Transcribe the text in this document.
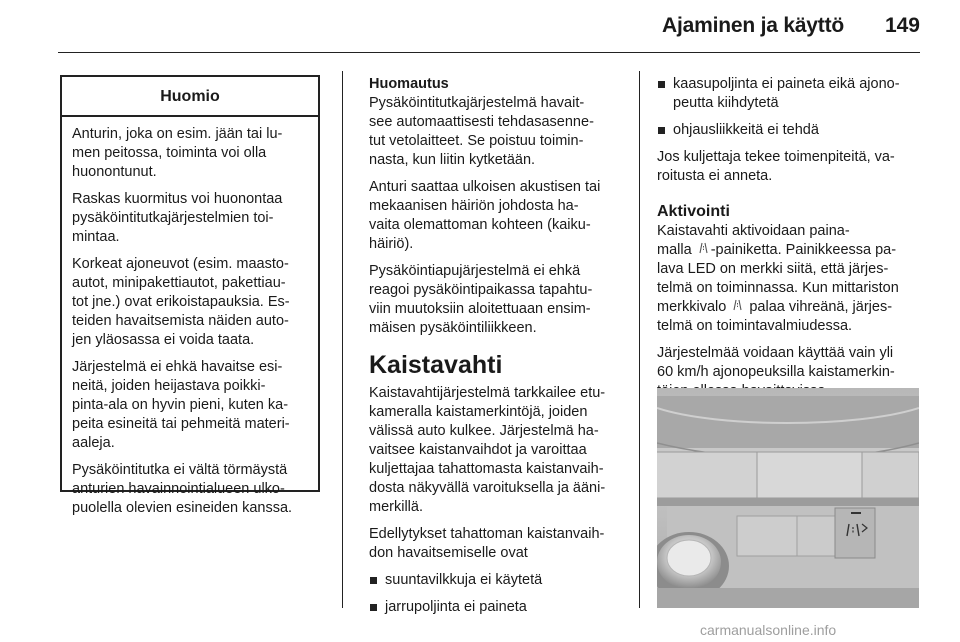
Ajaminen ja käyttö 149
Huomio

Anturin, joka on esim. jään tai lu-
men peitossa, toiminta voi olla
huonontunut.

Raskas kuormitus voi huonontaa
pysäköintitutkajärjestelmien toi-
mintaa.

Korkeat ajoneuvot (esim. maasto-
autot, minipakettiautot, pakettiau-
tot jne.) ovat erikoistapauksia. Es-
teiden havaitsemista näiden auto-
jen yläosassa ei voida taata.

Järjestelmä ei ehkä havaitse esi-
neitä, joiden heijastava poikki-
pinta-ala on hyvin pieni, kuten ka-
peita esineitä tai pehmeitä materi-
aaleja.

Pysäköintitutka ei vältä törmäystä
anturien havainnointialueen ulko-
puolella olevien esineiden kanssa.

Huomautus

Pysäköintitutkajärjestelmä havait-
see automaattisesti tehdasasenne-
tut vetolaitteet. Se poistuu toimin-
nasta, kun liitin kytketään.

Anturi saattaa ulkoisen akustisen tai
mekaanisen häiriön johdosta ha-
vaita olemattoman kohteen (kaiku-
häiriö).

Pysäköintiapujärjestelmä ei ehkä
reagoi pysäköintipaikassa tapahtu-
viin muutoksiin aloitettuaan ensim-
mäisen pysäköintiliikkeen.

Kaistavahti

Kaistavahtijärjestelmä tarkkailee etu-
kameralla kaistamerkintöjä, joiden
välissä auto kulkee. Järjestelmä ha-
vaitsee kaistanvaihdot ja varoittaa
kuljettajaa tahattomasta kaistanvaih-
dosta näkyvällä varoituksella ja ääni-
merkillä.

Edellytykset tahattoman kaistanvaih-
don havaitsemiselle ovat

suuntavilkkuja ei käytetä

jarrupoljinta ei paineta

kaasupoljinta ei paineta eikä ajono-
peutta kiihdytetä

ohjausliikkeitä ei tehdä

Jos kuljettaja tekee toimenpiteitä, va-
roitusta ei anneta.

Aktivointi

Kaistavahti aktivoidaan paina-
malla -painiketta. Painikkeessa pa-
lava LED on merkki siitä, että järjes-
telmä on toiminnassa. Kun mittariston
merkkivalo  palaa vihreänä, järjes-
telmä on toimintavalmiudessa.

Järjestelmää voidaan käyttää vain yli
60 km/h ajonopeuksilla kaistamerkin-

carmanualsonline.info
